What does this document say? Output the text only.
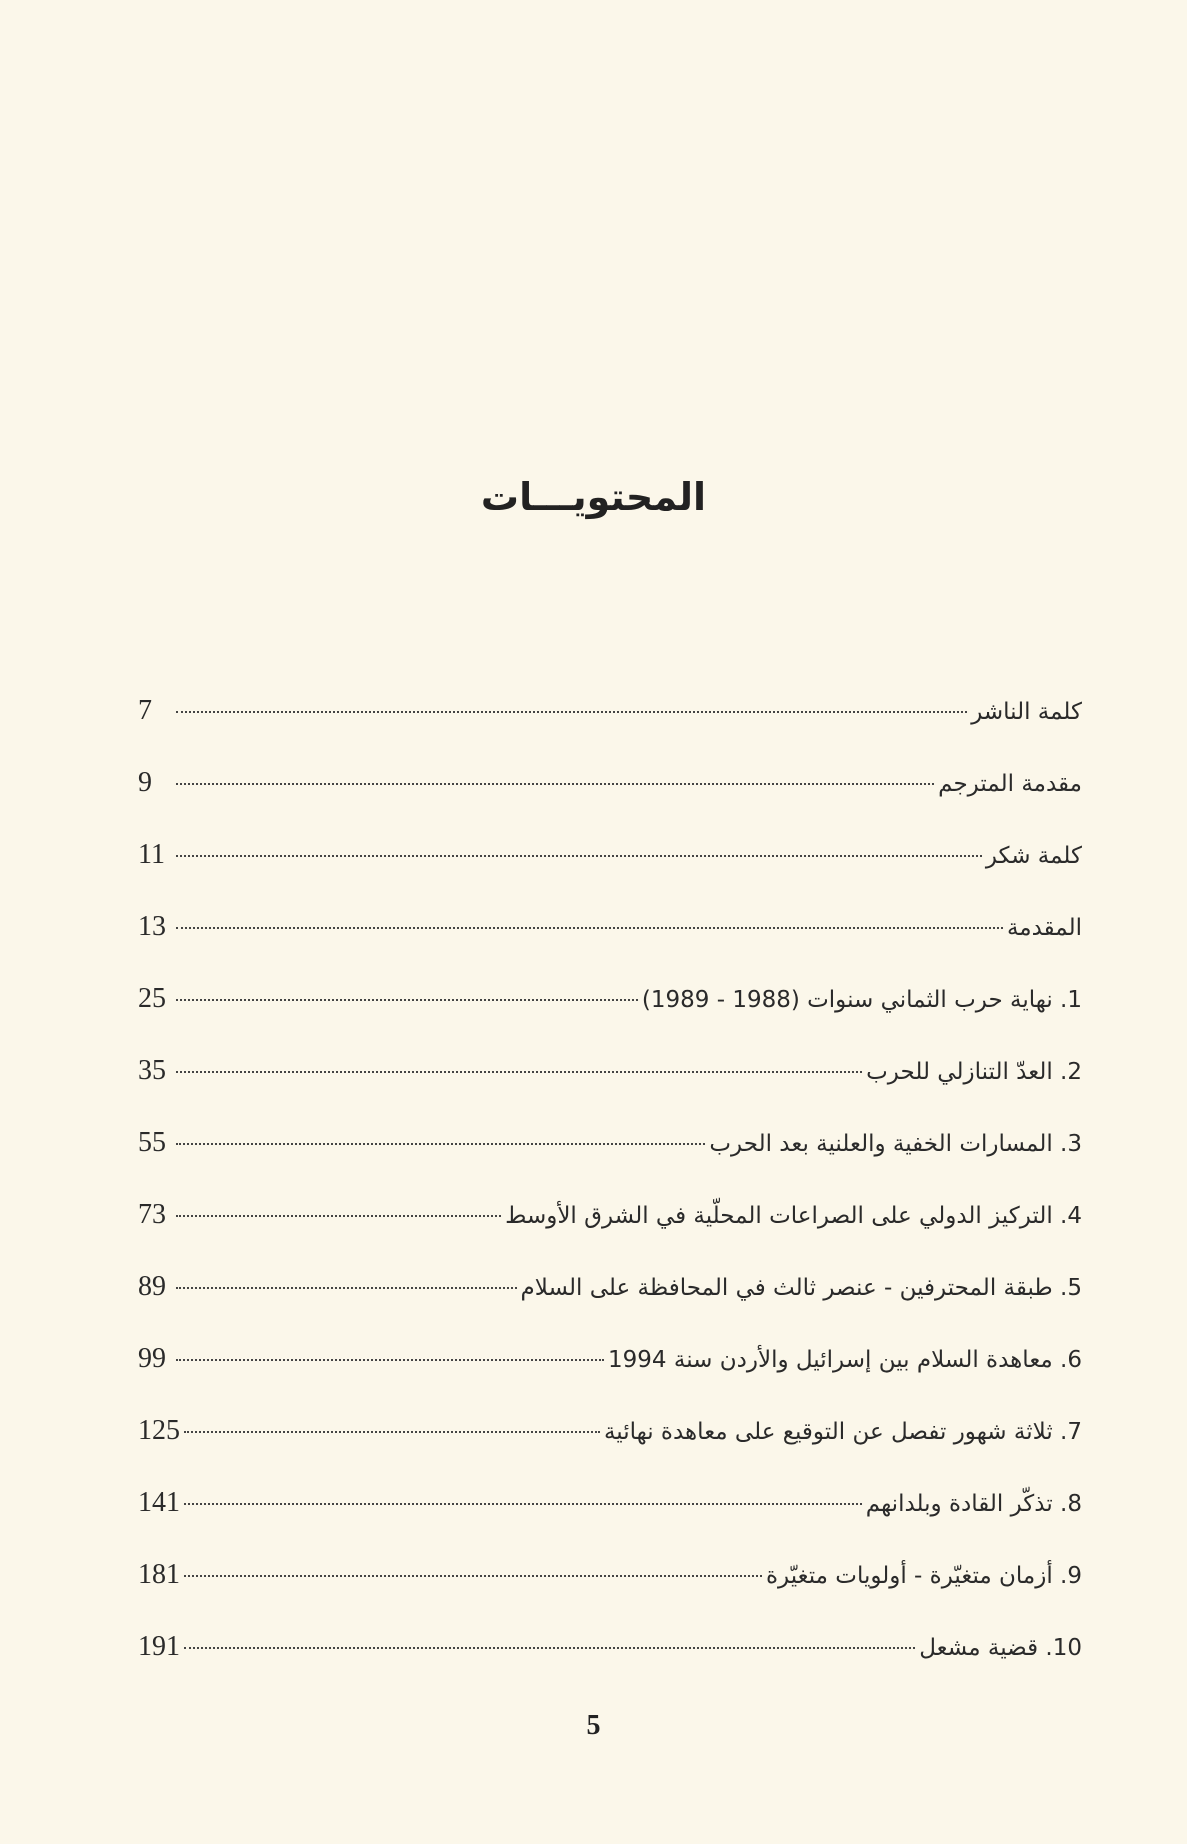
المحتويـــات
كلمة الناشر
7
مقدمة المترجم
9
كلمة شكر
11
المقدمة
13
1. نهاية حرب الثماني سنوات (1988 - 1989)
25
2. العدّ التنازلي للحرب
35
3. المسارات الخفية والعلنية بعد الحرب
55
4. التركيز الدولي على الصراعات المحلّية في الشرق الأوسط
73
5. طبقة المحترفين - عنصر ثالث في المحافظة على السلام
89
6. معاهدة السلام بين إسرائيل والأردن سنة 1994
99
7. ثلاثة شهور تفصل عن التوقيع على معاهدة نهائية
125
8. تذكّر القادة وبلدانهم
141
9. أزمان متغيّرة - أولويات متغيّرة
181
10. قضية مشعل
191
5
